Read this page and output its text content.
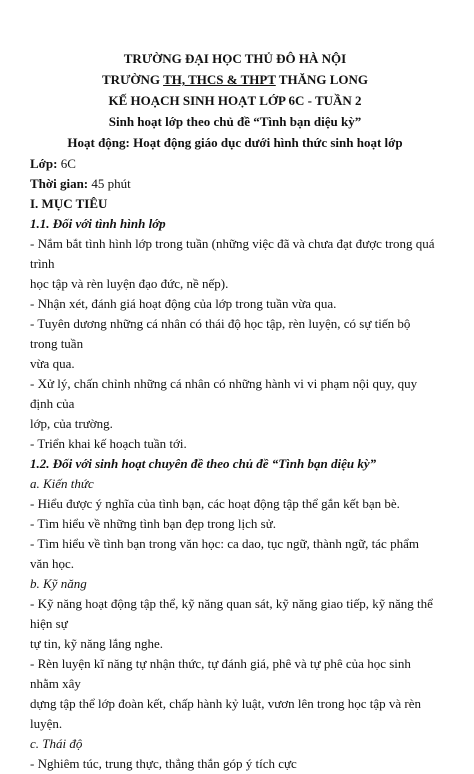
TRƯỜNG ĐẠI HỌC THỦ ĐÔ HÀ NỘI
TRƯỜNG TH, THCS & THPT THĂNG LONG
KẾ HOẠCH SINH HOẠT LỚP 6C - TUẦN 2
Sinh hoạt lớp theo chủ đề “Tình bạn diệu kỳ”
Hoạt động: Hoạt động giáo dục dưới hình thức sinh hoạt lớp
Lớp: 6C
Thời gian: 45 phút
I. MỤC TIÊU
1.1. Đối với tình hình lớp
- Nắm bắt tình hình lớp trong tuần (những việc đã và chưa đạt được trong quá trình
học tập và rèn luyện đạo đức, nề nếp).
- Nhận xét, đánh giá hoạt động của lớp trong tuần vừa qua.
- Tuyên dương những cá nhân có thái độ học tập, rèn luyện, có sự tiến bộ trong tuần
vừa qua.
- Xử lý, chấn chỉnh những cá nhân có những hành vi vi phạm nội quy, quy định của
lớp, của trường.
- Triển khai kế hoạch tuần tới.
1.2. Đối với sinh hoạt chuyên đề theo chủ đề “Tình bạn diệu kỳ”
a. Kiến thức
- Hiểu được ý nghĩa của tình bạn, các hoạt động tập thể gắn kết bạn bè.
- Tìm hiểu về những tình bạn đẹp trong lịch sử.
- Tìm hiểu về tình bạn trong văn học: ca dao, tục ngữ, thành ngữ, tác phẩm văn học.
b. Kỹ năng
- Kỹ năng hoạt động tập thể, kỹ năng quan sát, kỹ năng giao tiếp, kỹ năng thể hiện sự
tự tin, kỹ năng lắng nghe.
- Rèn luyện kĩ năng tự nhận thức, tự đánh giá, phê và tự phê của học sinh nhằm xây
dựng tập thể lớp đoàn kết, chấp hành kỷ luật, vươn lên trong học tập và rèn luyện.
c. Thái độ
- Nghiêm túc, trung thực, thẳng thắn góp ý tích cực
